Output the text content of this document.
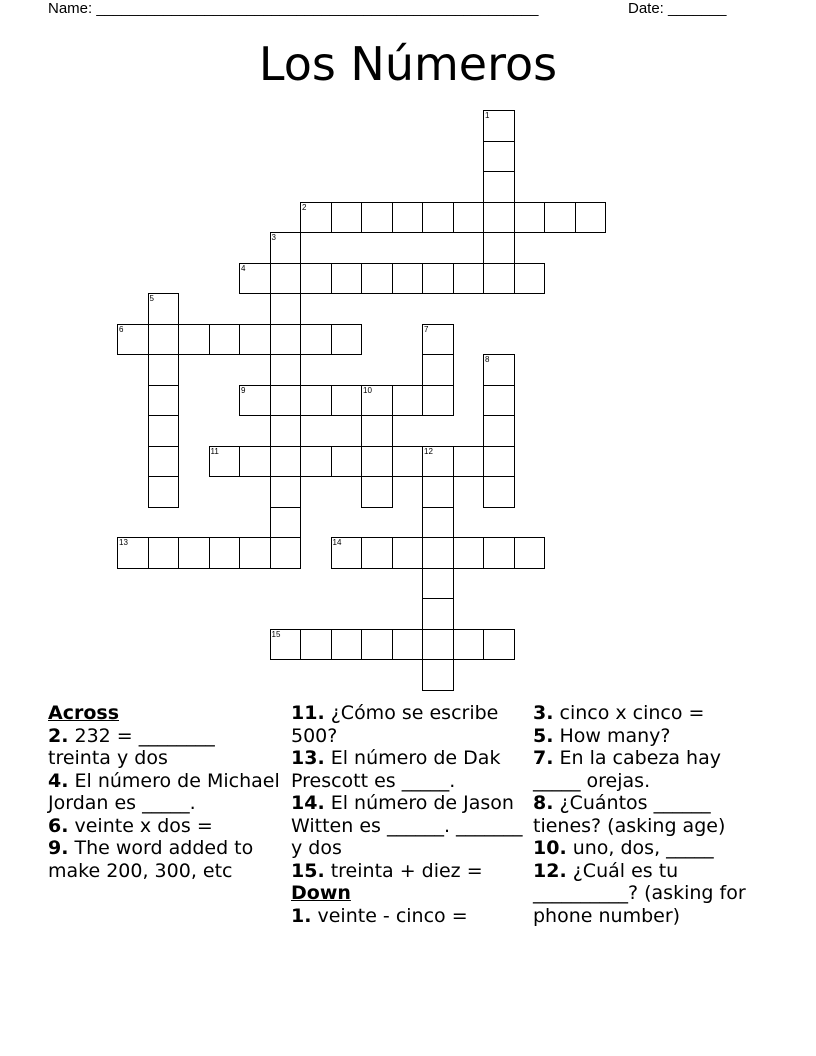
Name: _____________________________________________________	Date: _______
Los Números
1
2
3
4
5
6	7
8
9	10
11	12
13	14
15
Across
2. 232 = ________ treinta y dos
4. El número de Michael Jordan es _____.
6. veinte x dos =
9. The word added to make 200, 300, etc
11. ¿Cómo se escribe 500?
13. El número de Dak Prescott es _____.
14. El número de Jason Witten es ______. _______ y dos
15. treinta + diez =
Down
1. veinte - cinco =
3. cinco x cinco =
5. How many?
7. En la cabeza hay _____ orejas.
8. ¿Cuántos ______ tienes? (asking age)
10. uno, dos, _____
12. ¿Cuál es tu __________? (asking for phone number)
